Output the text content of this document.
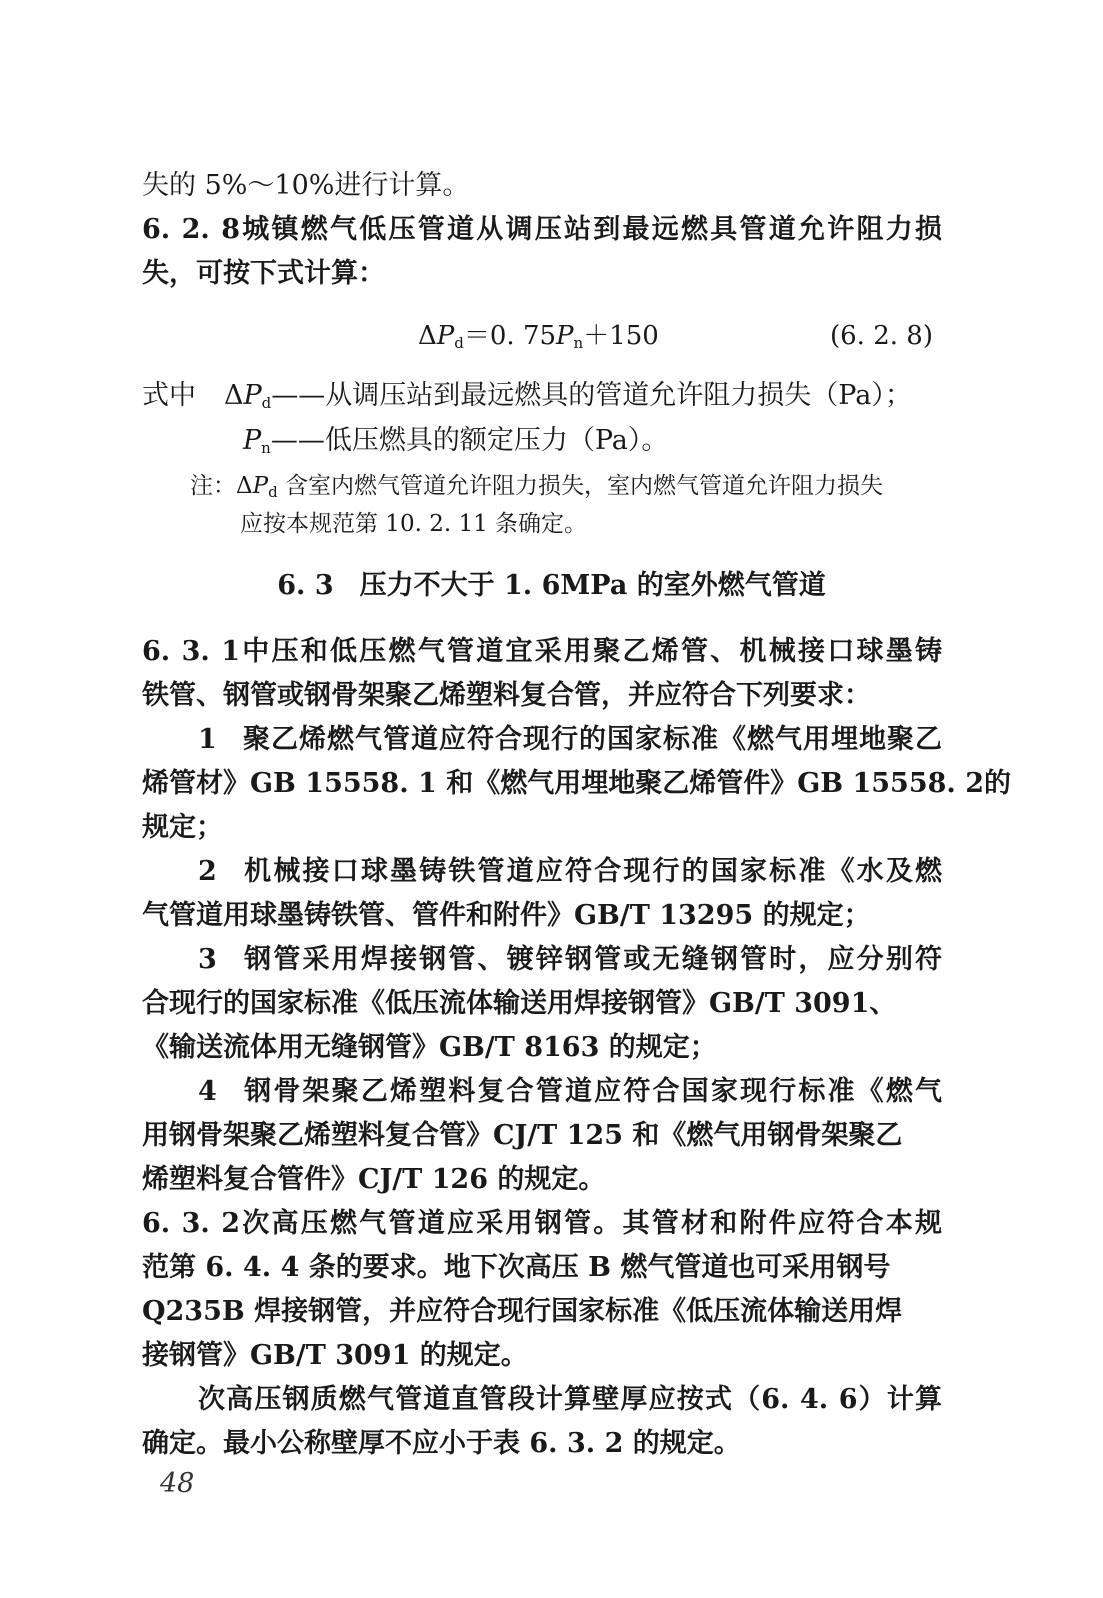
失的 5%～10%进行计算。
6. 2. 8城镇燃气低压管道从调压站到最远燃具管道允许阻力损
失，可按下式计算：
$\Delta P_d=0$. $75P_n+150$	(6. 2. 8)
式中 $\Delta P_d——$从调压站到最远燃具的管道允许阻力损失（Pa）；
$P_n——$低压燃具的额定压力（Pa）。
注：$\Delta P_d$ 含室内燃气管道允许阻力损失，室内燃气管道允许阻力损失
应按本规范第 10. 2. 11 条确定。
6. 3 压力不大于 1. 6MPa 的室外燃气管道
6. 3. 1中压和低压燃气管道宜采用聚乙烯管、机械接口球墨铸
铁管、钢管或钢骨架聚乙烯塑料复合管，并应符合下列要求：
1 聚乙烯燃气管道应符合现行的国家标准《燃气用埋地聚乙
烯管材》GB 15558. 1 和《燃气用埋地聚乙烯管件》GB 15558. 2的
规定；
2 机械接口球墨铸铁管道应符合现行的国家标准《水及燃
气管道用球墨铸铁管、管件和附件》GB/T 13295 的规定；
3 钢管采用焊接钢管、镀锌钢管或无缝钢管时，应分别符
合现行的国家标准《低压流体输送用焊接钢管》GB/T 3091、
《输送流体用无缝钢管》GB/T 8163 的规定；
4 钢骨架聚乙烯塑料复合管道应符合国家现行标准《燃气
用钢骨架聚乙烯塑料复合管》CJ/T 125 和《燃气用钢骨架聚乙
烯塑料复合管件》CJ/T 126 的规定。
6. 3. 2次高压燃气管道应采用钢管。其管材和附件应符合本规
范第 6. 4. 4 条的要求。地下次高压 B 燃气管道也可采用钢号
Q235B 焊接钢管，并应符合现行国家标准《低压流体输送用焊
接钢管》GB/T 3091 的规定。
次高压钢质燃气管道直管段计算壁厚应按式（6. 4. 6）计算
确定。最小公称壁厚不应小于表 6. 3. 2 的规定。
48
